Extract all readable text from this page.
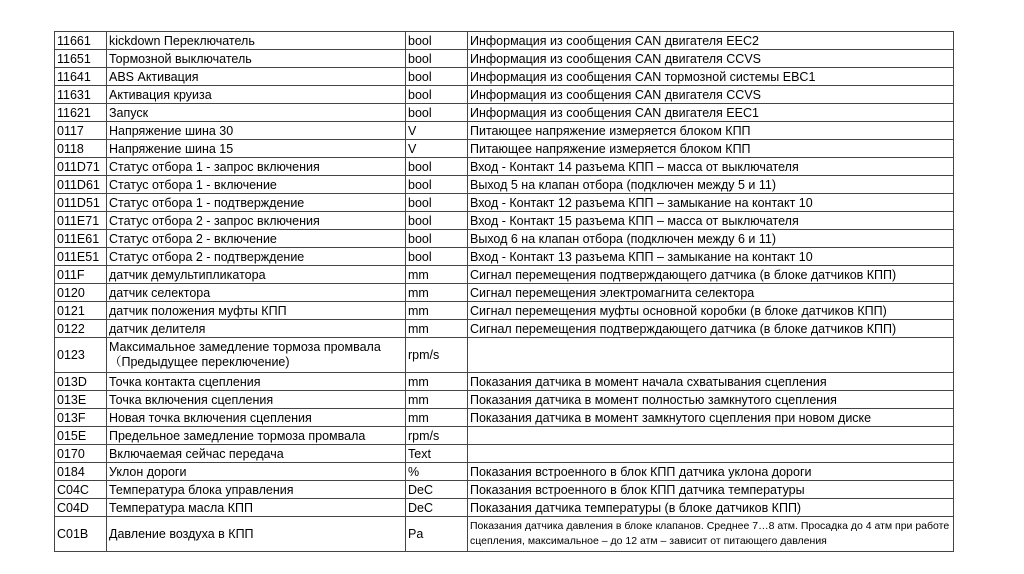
11661	kickdown Переключатель	bool	Информация из сообщения CAN двигателя EEC2
11651	Тормозной выключатель	bool	Информация из сообщения CAN двигателя CCVS
11641	ABS Активация	bool	Информация из сообщения CAN тормозной системы EBC1
11631	Активация круиза	bool	Информация из сообщения CAN двигателя CCVS
11621	Запуск	bool	Информация из сообщения CAN двигателя EEC1
0117	Напряжение шина 30	V	Питающее напряжение измеряется блоком КПП
0118	Напряжение шина 15	V	Питающее напряжение измеряется блоком КПП
011D71	Статус отбора 1 - запрос включения	bool	Вход - Контакт 14 разъема КПП – масса от выключателя
011D61	Статус отбора 1 - включение	bool	Выход 5 на клапан отбора (подключен между 5 и 11)
011D51	Статус отбора 1 - подтверждение	bool	Вход - Контакт 12 разъема КПП – замыкание на контакт 10
011E71	Статус отбора 2 - запрос включения	bool	Вход - Контакт 15 разъема КПП – масса от выключателя
011E61	Статус отбора 2 - включение	bool	Выход 6 на клапан отбора (подключен между 6 и 11)
011E51	Статус отбора 2 - подтверждение	bool	Вход - Контакт 13 разъема КПП – замыкание на контакт 10
011F	датчик демультипликатора	mm	Сигнал перемещения подтверждающего датчика (в блоке датчиков КПП)
0120	датчик селектора	mm	Сигнал перемещения электромагнита селектора
0121	датчик положения муфты КПП	mm	Сигнал перемещения муфты основной коробки (в блоке датчиков КПП)
0122	датчик делителя	mm	Сигнал перемещения подтверждающего датчика (в блоке датчиков КПП)
0123	Максимальное замедление тормоза промвала （Предыдущее переключение)	rpm/s	
013D	Точка контакта сцепления	mm	Показания датчика в момент начала схватывания сцепления
013E	Точка включения сцепления	mm	Показания датчика в момент полностью замкнутого сцепления
013F	Новая точка включения сцепления	mm	Показания датчика в момент замкнутого сцепления при новом диске
015E	Предельное замедление тормоза промвала	rpm/s	
0170	Включаемая сейчас передача	Text	
0184	Уклон дороги	%	Показания встроенного в блок КПП датчика уклона дороги
C04C	Температура блока управления	DeC	Показания встроенного в блок КПП датчика температуры
C04D	Температура масла КПП	DeC	Показания датчика температуры (в блоке датчиков КПП)
C01B	Давление воздуха в КПП	Pa	Показания датчика давления в блоке клапанов. Среднее 7…8 атм. Просадка до 4 атм при работе сцепления, максимальное – до 12 атм – зависит от питающего давления
